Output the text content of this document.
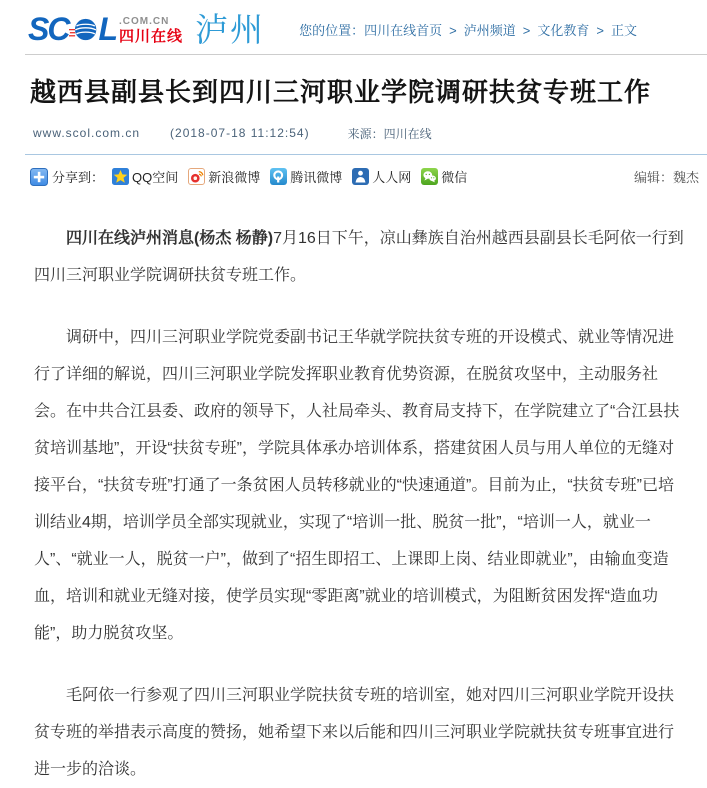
SC L .COM.CN
四川在线 泸州	您的位置：四川在线首页 > 泸州频道 > 文化教育 > 正文
越西县副县长到四川三河职业学院调研扶贫专班工作
www.scol.com.cn	(2018-07-18 11:12:54)	来源：四川在线
分享到： QQ空间 新浪微博 腾讯微博 人人网 微信	编辑：魏杰

四川在线泸州消息(杨杰 杨静)7月16日下午，凉山彝族自治州越西县副县长毛阿依一行到四川三河职业学院调研扶贫专班工作。

调研中，四川三河职业学院党委副书记王华就学院扶贫专班的开设模式、就业等情况进行了详细的解说，四川三河职业学院发挥职业教育优势资源，在脱贫攻坚中，主动服务社会。在中共合江县委、政府的领导下，人社局牵头、教育局支持下，在学院建立了“合江县扶贫培训基地”，开设“扶贫专班”，学院具体承办培训体系，搭建贫困人员与用人单位的无缝对接平台，“扶贫专班”打通了一条贫困人员转移就业的“快速通道”。目前为止，“扶贫专班”已培训结业4期，培训学员全部实现就业，实现了“培训一批、脱贫一批”，“培训一人，就业一人”、“就业一人，脱贫一户”，做到了“招生即招工、上课即上岗、结业即就业”，由输血变造血，培训和就业无缝对接，使学员实现“零距离”就业的培训模式，为阻断贫困发挥“造血功能”，助力脱贫攻坚。

毛阿依一行参观了四川三河职业学院扶贫专班的培训室，她对四川三河职业学院开设扶贫专班的举措表示高度的赞扬，她希望下来以后能和四川三河职业学院就扶贫专班事宜进行进一步的洽谈。
